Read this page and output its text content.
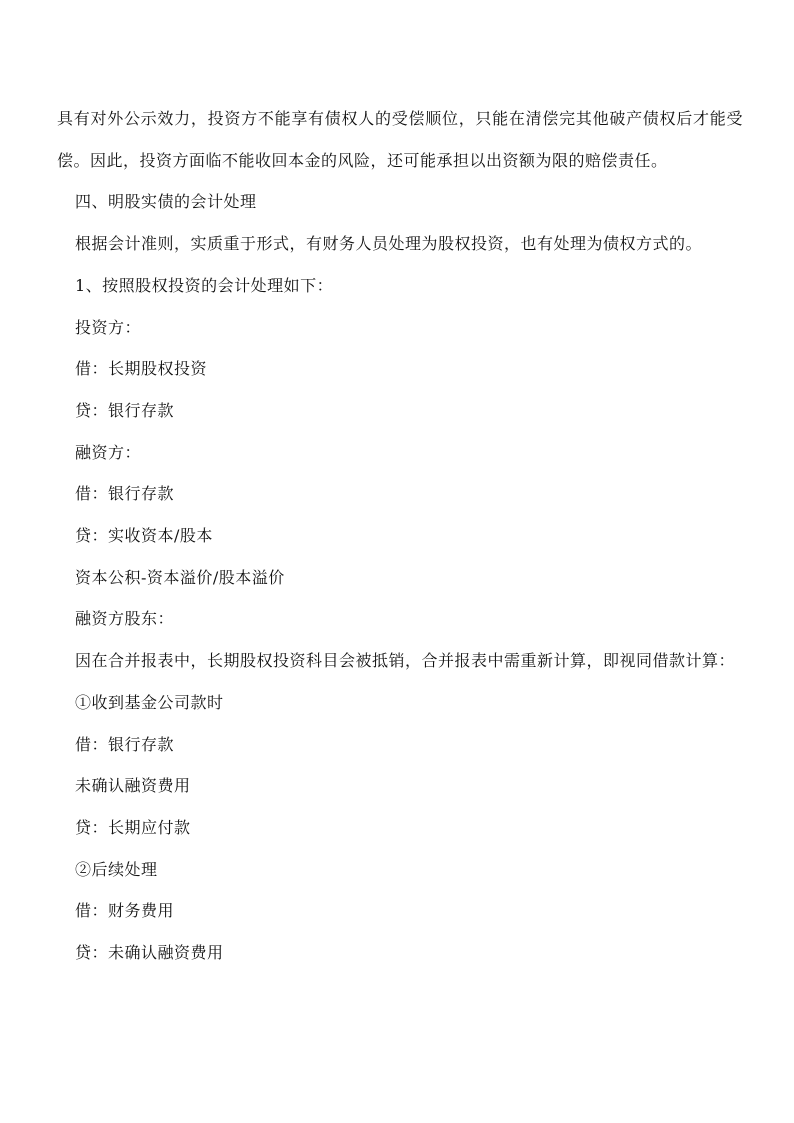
具有对外公示效力，投资方不能享有债权人的受偿顺位，只能在清偿完其他破产债权后才能受偿。因此，投资方面临不能收回本金的风险，还可能承担以出资额为限的赔偿责任。

四、明股实债的会计处理

根据会计准则，实质重于形式，有财务人员处理为股权投资，也有处理为债权方式的。

1、按照股权投资的会计处理如下：

投资方：

借：长期股权投资

贷：银行存款

融资方：

借：银行存款

贷：实收资本/股本

资本公积-资本溢价/股本溢价

融资方股东：

因在合并报表中，长期股权投资科目会被抵销，合并报表中需重新计算，即视同借款计算：

①收到基金公司款时

借：银行存款

未确认融资费用

贷：长期应付款

②后续处理

借：财务费用

贷：未确认融资费用
